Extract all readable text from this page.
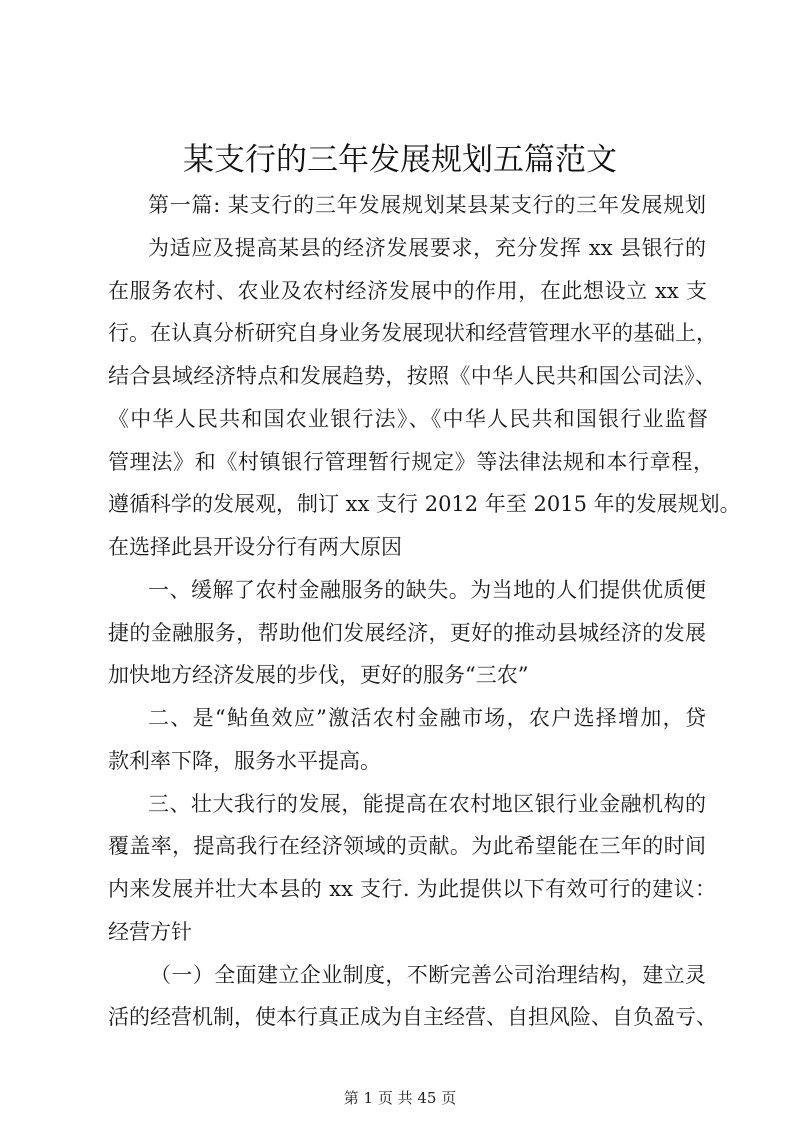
某支行的三年发展规划五篇范文
第一篇: 某支行的三年发展规划某县某支行的三年发展规划
为适应及提高某县的经济发展要求，充分发挥 xx 县银行的
在服务农村、农业及农村经济发展中的作用，在此想设立 xx 支
行。在认真分析研究自身业务发展现状和经营管理水平的基础上，
结合县域经济特点和发展趋势，按照《中华人民共和国公司法》、
《中华人民共和国农业银行法》、《中华人民共和国银行业监督
管理法》和《村镇银行管理暂行规定》等法律法规和本行章程，
遵循科学的发展观，制订 xx 支行 2012 年至 2015 年的发展规划。
在选择此县开设分行有两大原因
一、缓解了农村金融服务的缺失。为当地的人们提供优质便
捷的金融服务，帮助他们发展经济，更好的推动县城经济的发展
加快地方经济发展的步伐，更好的服务“三农”
二、是“鲇鱼效应”激活农村金融市场，农户选择增加，贷
款利率下降，服务水平提高。
三、壮大我行的发展，能提高在农村地区银行业金融机构的
覆盖率，提高我行在经济领域的贡献。为此希望能在三年的时间
内来发展并壮大本县的 xx 支行. 为此提供以下有效可行的建议：
经营方针
（一）全面建立企业制度，不断完善公司治理结构，建立灵
活的经营机制，使本行真正成为自主经营、自担风险、自负盈亏、
第 1 页 共 45 页
